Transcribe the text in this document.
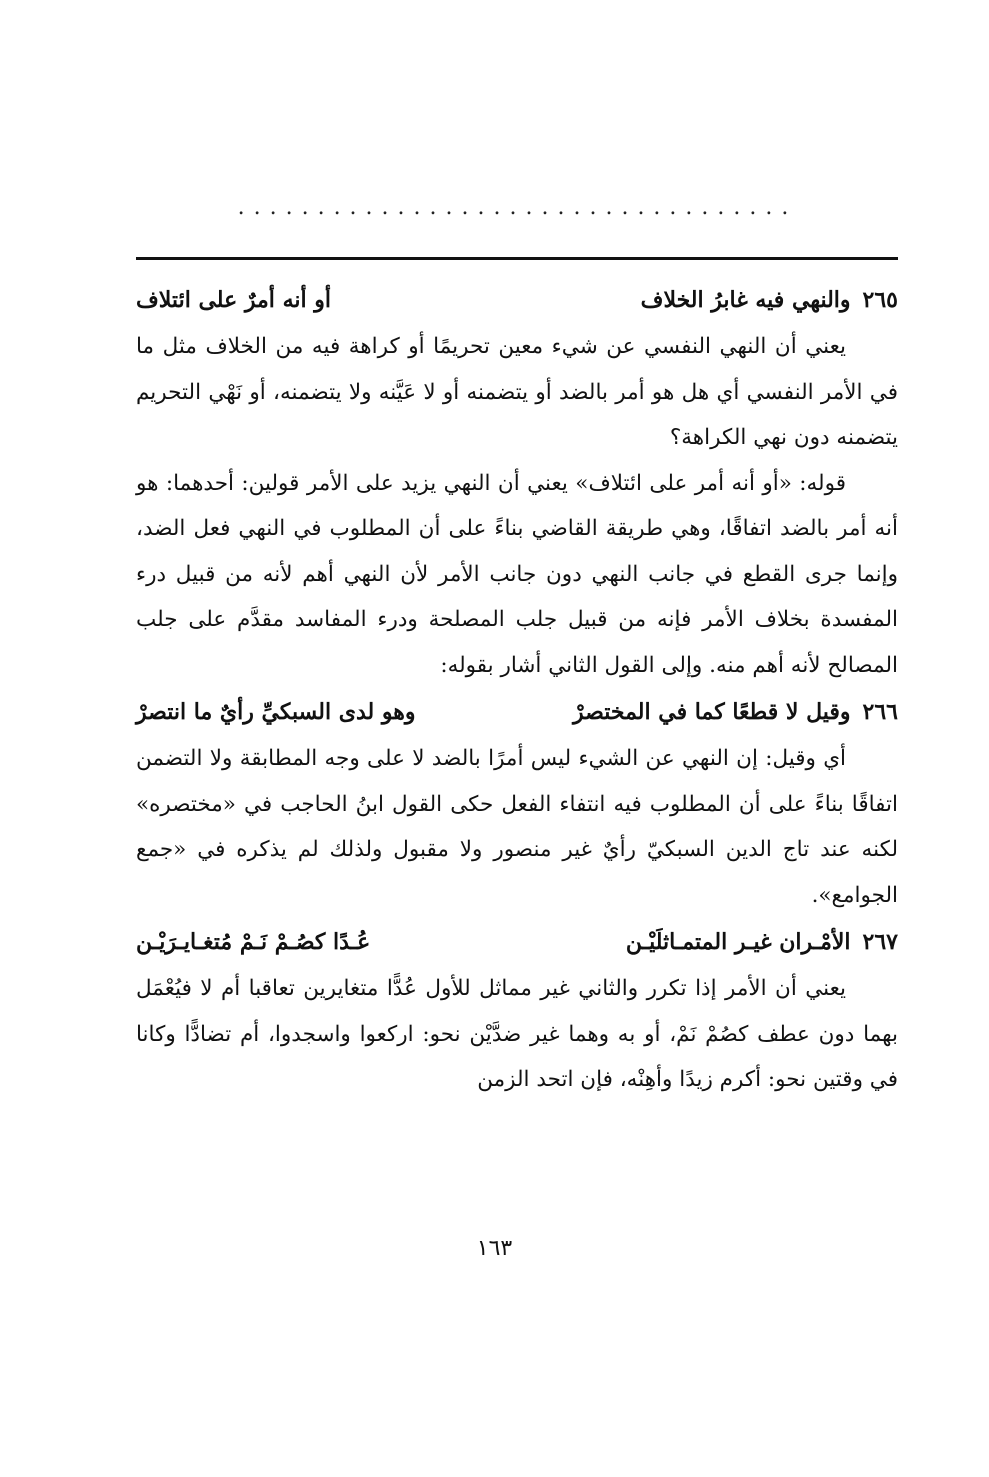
...................................
٢٦٥
والنهي فيه غابرُ الخلاف
أو أنه أمرٌ على ائتلاف

يعني أن النهي النفسي عن شيء معين تحريمًا أو كراهة فيه من الخلاف مثل ما في الأمر النفسي أي هل هو أمر بالضد أو يتضمنه أو لا عَيَّنه ولا يتضمنه، أو نَهْي التحريم يتضمنه دون نهي الكراهة؟

قوله: «أو أنه أمر على ائتلاف» يعني أن النهي يزيد على الأمر قولين: أحدهما: هو أنه أمر بالضد اتفاقًا، وهي طريقة القاضي بناءً على أن المطلوب في النهي فعل الضد، وإنما جرى القطع في جانب النهي دون جانب الأمر لأن النهي أهم لأنه من قبيل درء المفسدة بخلاف الأمر فإنه من قبيل جلب المصلحة ودرء المفاسد مقدَّم على جلب المصالح لأنه أهم منه. وإلى القول الثاني أشار بقوله:

٢٦٦
وقيل لا قطعًا كما في المختصرْ
وهو لدى السبكيِّ رأيٌ ما انتصرْ

أي وقيل: إن النهي عن الشيء ليس أمرًا بالضد لا على وجه المطابقة ولا التضمن اتفاقًا بناءً على أن المطلوب فيه انتفاء الفعل حكى القول ابنُ الحاجب في «مختصره» لكنه عند تاج الدين السبكيّ رأيٌ غير منصور ولا مقبول ولذلك لم يذكره في «جمع الجوامع».

٢٦٧
الأمْـران غيـر المتمـاثلَيْـن
عُـدًا كصُـمْ نَـمْ مُتغـايـرَيْـن

يعني أن الأمر إذا تكرر والثاني غير مماثل للأول عُدًّا متغايرين تعاقبا أم لا فيُعْمَل بهما دون عطف كصُمْ نَمْ، أو به وهما غير ضدَّيْن نحو: اركعوا واسجدوا، أم تضادًّا وكانا في وقتين نحو: أكرم زيدًا وأهِنْه، فإن اتحد الزمن

١٦٣
